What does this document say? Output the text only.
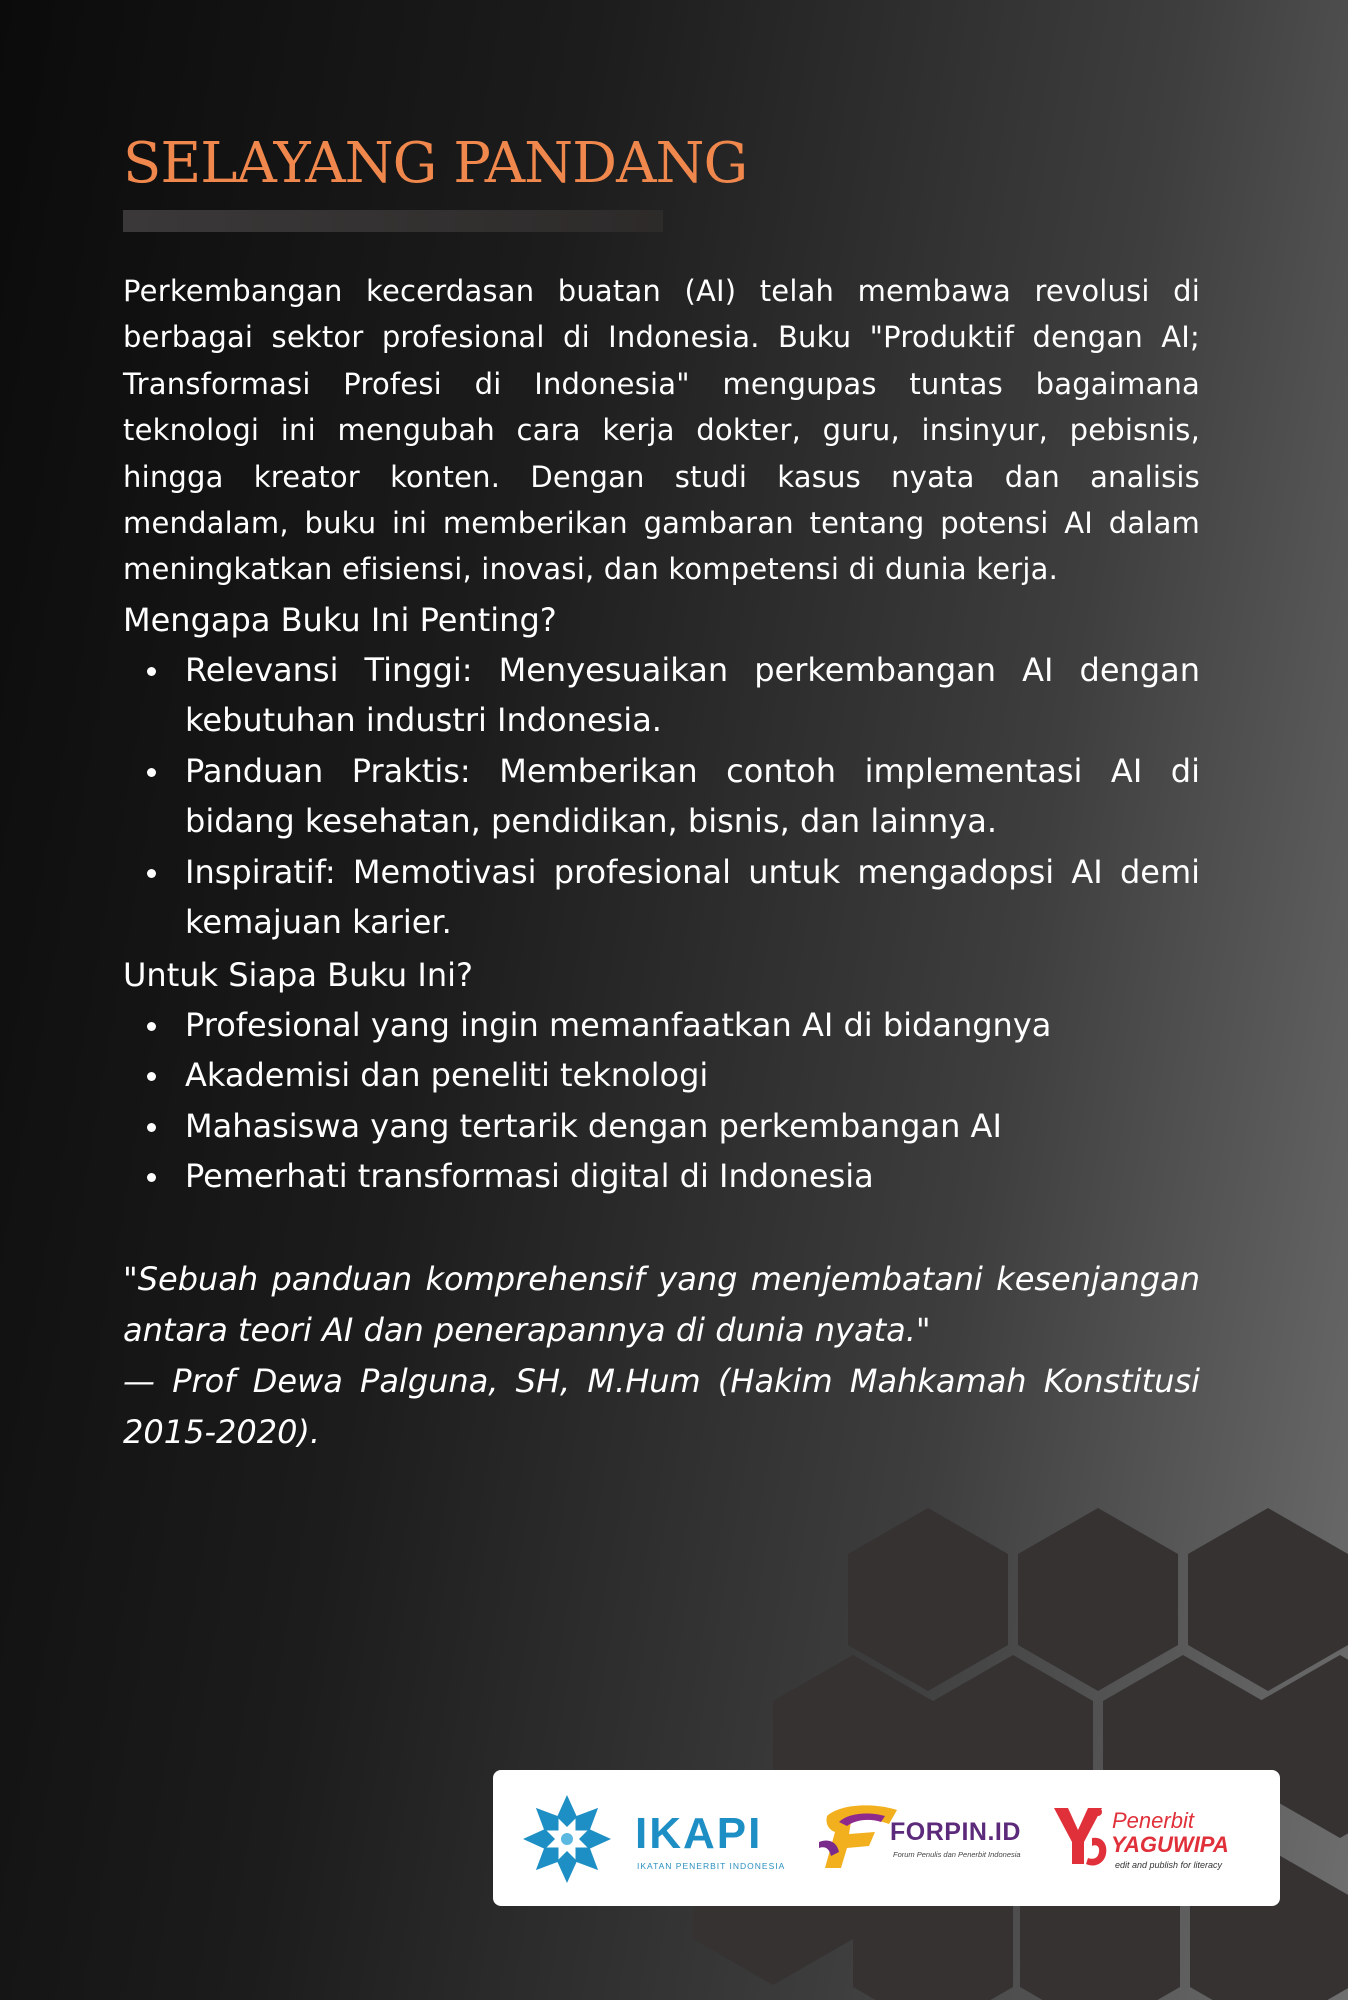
SELAYANG PANDANG

Perkembangan kecerdasan buatan (AI) telah membawa revolusi di berbagai sektor profesional di Indonesia. Buku "Produktif dengan AI; Transformasi Profesi di Indonesia" mengupas tuntas bagaimana teknologi ini mengubah cara kerja dokter, guru, insinyur, pebisnis, hingga kreator konten. Dengan studi kasus nyata dan analisis mendalam, buku ini memberikan gambaran tentang potensi AI dalam meningkatkan efisiensi, inovasi, dan kompetensi di dunia kerja.

Mengapa Buku Ini Penting?
Relevansi Tinggi: Menyesuaikan perkembangan AI dengan kebutuhan industri Indonesia.
Panduan Praktis: Memberikan contoh implementasi AI di bidang kesehatan, pendidikan, bisnis, dan lainnya.
Inspiratif: Memotivasi profesional untuk mengadopsi AI demi kemajuan karier.
Untuk Siapa Buku Ini?
Profesional yang ingin memanfaatkan AI di bidangnya
Akademisi dan peneliti teknologi
Mahasiswa yang tertarik dengan perkembangan AI
Pemerhati transformasi digital di Indonesia
"Sebuah panduan komprehensif yang menjembatani kesenjangan antara teori AI dan penerapannya di dunia nyata."
— Prof Dewa Palguna, SH, M.Hum (Hakim Mahkamah Konstitusi 2015-2020).
IKAPI
IKATAN PENERBIT INDONESIA
FORPIN.ID
Forum Penulis dan Penerbit Indonesia
Penerbit
YAGUWIPA
edit and publish for literacy
